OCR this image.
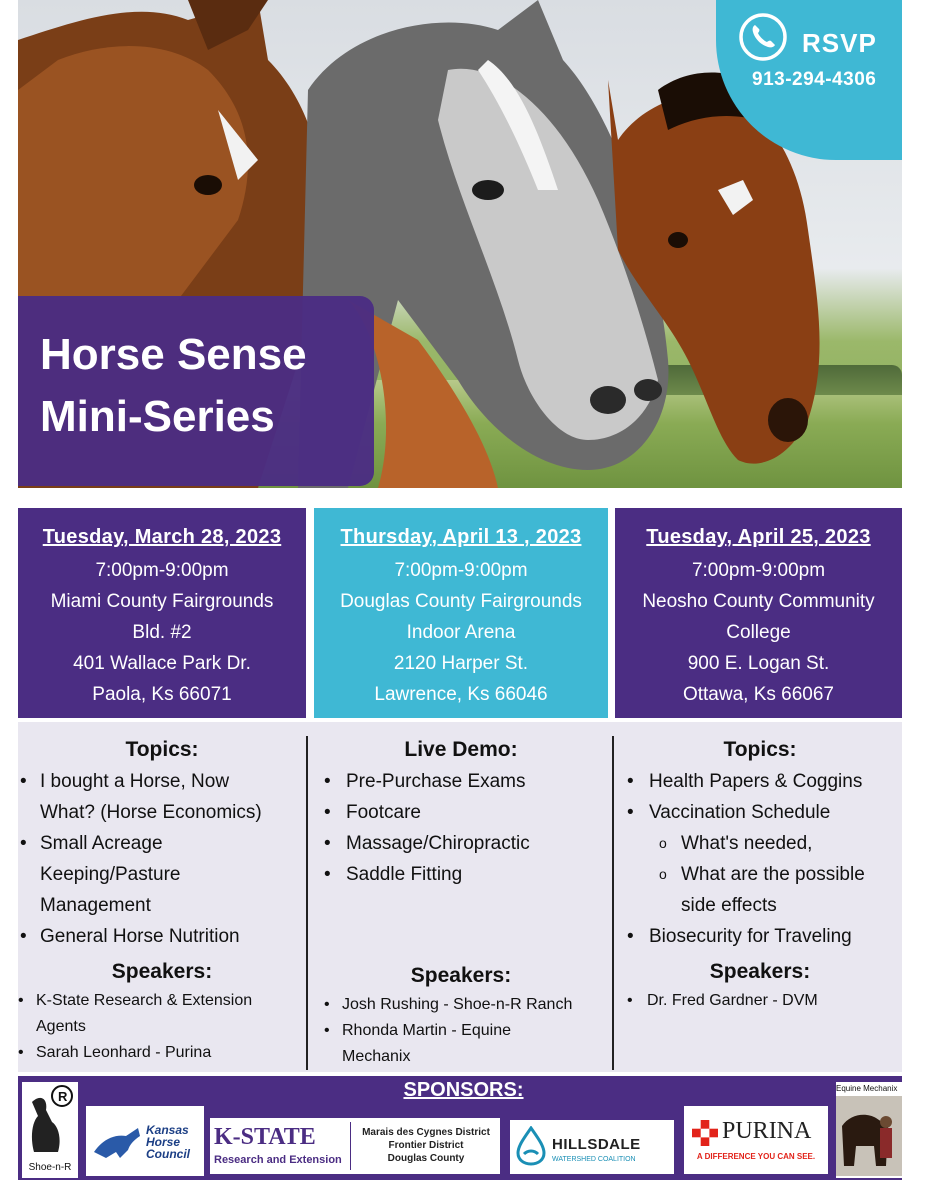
RSVP
913-294-4306
Horse Sense
Mini-Series
Tuesday, March 28, 2023
7:00pm-9:00pm
Miami County Fairgrounds
Bld. #2
401 Wallace Park Dr.
Paola, Ks 66071
Thursday, April 13 , 2023
7:00pm-9:00pm
Douglas County Fairgrounds
Indoor Arena
2120 Harper St.
Lawrence, Ks 66046
Tuesday, April 25, 2023
7:00pm-9:00pm
Neosho County Community
College
900 E. Logan St.
Ottawa, Ks 66067
Topics:
• I bought a Horse, Now
What? (Horse Economics)
• Small Acreage
Keeping/Pasture
Management
• General Horse Nutrition
Speakers:
• K-State Research & Extension
Agents
• Sarah Leonhard - Purina
Live Demo:
• Pre-Purchase Exams
• Footcare
• Massage/Chiropractic
• Saddle Fitting
Speakers:
• Josh Rushing - Shoe-n-R Ranch
• Rhonda Martin - Equine
Mechanix
Topics:
• Health Papers & Coggins
• Vaccination Schedule
o What's needed,
o What are the possible
side effects
• Biosecurity for Traveling
Speakers:
• Dr. Fred Gardner - DVM
SPONSORS:
R
Shoe-n-R
Kansas
Horse
Council
K-STATE
Research and Extension
Marais des Cygnes District
Frontier District
Douglas County
HILLSDALE
WATERSHED COALITION
PURINA
A DIFFERENCE YOU CAN SEE.
Equine Mechanix
